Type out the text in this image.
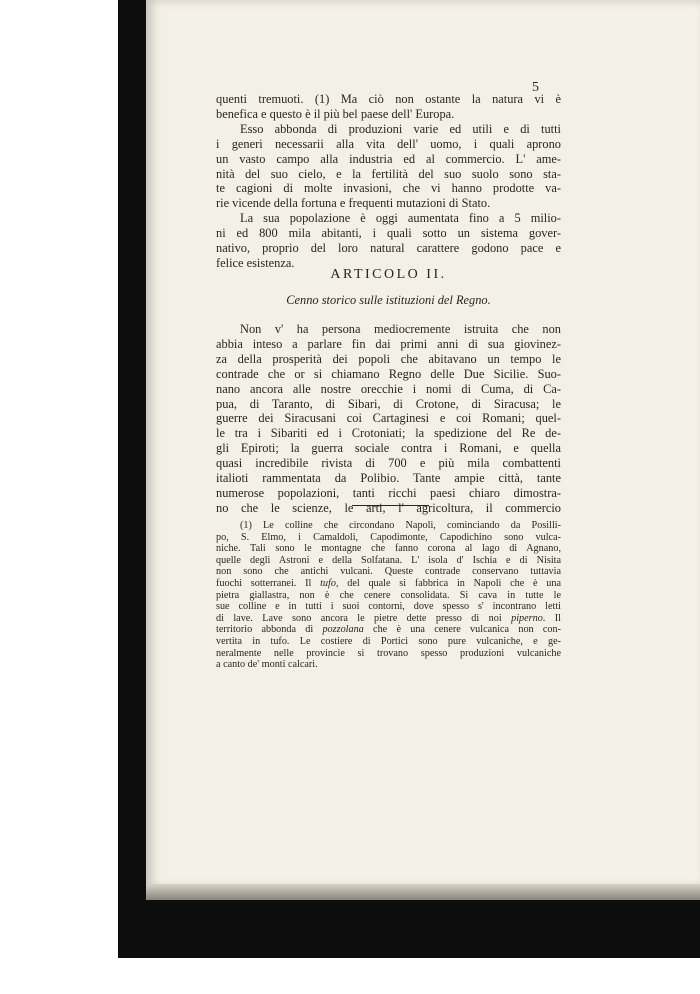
5

quenti tremuoti. (1) Ma ciò non ostante la natura vi è

benefica e questo è il più bel paese dell' Europa.

Esso abbonda di produzioni varie ed utili e di tutti

i generi necessarii alla vita dell' uomo, i quali aprono

un vasto campo alla industria ed al commercio. L' ame-

nità del suo cielo, e la fertilità del suo suolo sono sta-

te cagioni di molte invasioni, che vi hanno prodotte va-

rie vicende della fortuna e frequenti mutazioni di Stato.

La sua popolazione è oggi aumentata fino a 5 milio-

ni ed 800 mila abitanti, i quali sotto un sistema gover-

nativo, proprio del loro natural carattere godono pace e

felice esistenza.

ARTICOLO II.
Cenno storico sulle istituzioni del Regno.

Non v' ha persona mediocremente istruita che non

abbia inteso a parlare fin dai primi anni di sua giovinez-

za della prosperità dei popoli che abitavano un tempo le

contrade che or si chiamano Regno delle Due Sicilie. Suo-

nano ancora alle nostre orecchie i nomi di Cuma, di Ca-

pua, di Taranto, di Sibari, di Crotone, di Siracusa; le

guerre dei Siracusani coi Cartaginesi e coi Romani; quel-

le tra i Sibariti ed i Crotoniati; la spedizione del Re de-

gli Epiroti; la guerra sociale contra i Romani, e quella

quasi incredibile rivista di 700 e più mila combattenti

italioti rammentata da Polibio. Tante ampie città, tante

numerose popolazioni, tanti ricchi paesi chiaro dimostra-

no che le scienze, le arti, l' agricoltura, il commercio

(1) Le colline che circondano Napoli, cominciando da Posilli-

po, S. Elmo, i Camaldoli, Capodimonte, Capodichino sono vulca-

niche. Tali sono le montagne che fanno corona al lago di Agnano,

quelle degli Astroni e della Solfatana. L' isola d' Ischia e di Nisita

non sono che antichi vulcani. Queste contrade conservano tuttavia

fuochi sotterranei. Il tufo, del quale si fabbrica in Napoli che è una

pietra giallastra, non è che cenere consolidata. Si cava in tutte le

sue colline e in tutti i suoi contorni, dove spesso s' incontrano letti

di lave. Lave sono ancora le pietre dette presso di noi piperno. Il

territorio abbonda di pozzolana che è una cenere vulcanica non con-

vertita in tufo. Le costiere di Portici sono pure vulcaniche, e ge-

neralmente nelle provincie si trovano spesso produzioni vulcaniche

a canto de' monti calcari.
